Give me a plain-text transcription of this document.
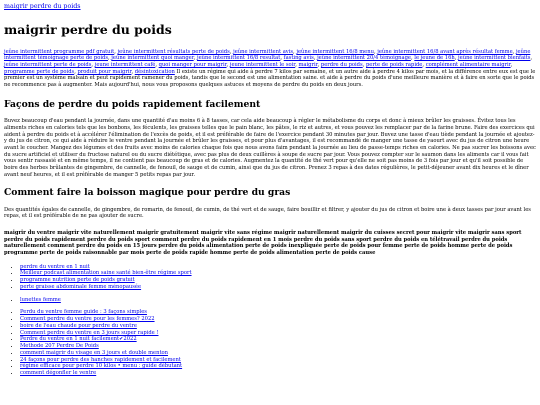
maigrir perdre du poids
maigrir perdre du poids

jeûne intermittent programme pdf gratuit, jeûne intermittent résultats perte de poids, jeûne intermittent avis, jeûne intermittent 16/8 menu, jeûne intermittent 16/8 avant après résultat femme, jeûne intermittent témoignage perte de poids, jeûne intermittent quoi manger, jeûne intermittent 16/8 resultat, fasting avis, jeûne intermittent 20/4 témoignage, le jeune de 16h, jeûne intermittent bienfaits, jeûne intermittent perte de poids, jeune intermittent café, quoi manger pour maigrir, jeune intermittent le soir, maigrir, perdre du poids, perte de poids rapide, complément alimentaire maigrir, programme perte de poids, produit pour maigrir, désintoxication Il existe un régime qui aide à perdre 7 kilos par semaine, et un autre aide à perdre 4 kilos par mois, et la différence entre eux est que le premier est un système malsain et peut rapidement ramener du poids, tandis que le second est une alimentation saine. et aide à perdre du poids d'une meilleure manière et à faire en sorte que le poids ne recommence pas à augmenter. Mais aujourd'hui, nous vous proposons quelques astuces et moyens de perdre du poids en deux jours.

Façons de perdre du poids rapidement facilement

Buvez beaucoup d'eau pendant la journée, dans une quantité d'au moins 6 à 8 tasses, car cela aide beaucoup à régler le métabolisme du corps et donc à mieux brûler les graisses. Évitez tous les aliments riches en calories tels que les bonbons, les féculents, les graisses telles que le pain blanc, les pâtes, le riz et autres, et vous pouvez les remplacer par de la farine brune. Faire des exercices qui aident à perdre du poids et à accélérer l'élimination de l'excès de poids, et il est préférable de faire de l'exercice pendant 30 minutes par jour. Buvez une tasse d'eau tiède pendant la journée et ajoutez-y du jus de citron, ce qui aide à réduire le ventre pendant la journée et brûler les graisses, et pour plus d'avantages, il est recommandé de manger une tasse de yaourt avec du jus de citron une heure avant le coucher. Mangez des légumes et des fruits avec moins de calories chaque fois que nous avons faim pendant la journée au lieu de passe-temps riches en calories. Ne pas sucrer les boissons avec du sucre artificiel et utiliser du fructose naturel ou du sucre diététique, avec pas plus de deux cuillères à soupe de sucre par jour. Vous pouvez compter sur le saumon dans les aliments car il vous fait vous sentir rassasié et en même temps, il ne contient pas beaucoup de gras et de calories. Augmentez la quantité de thé vert pour qu'elle ne soit pas moins de 3 fois par jour et qu'il soit possible de boire des herbes brûlantes de gingembre, de cannelle, de fenouil, de sauge et de cumin, ainsi que du jus de citron. Prenez 3 repas à des dates régulières, le petit-déjeuner avant dix heures et le dîner avant neuf heures, et il est préférable de manger 5 petits repas par jour.

Comment faire la boisson magique pour perdre du gras

Des quantités égales de cannelle, de gingembre, de romarin, de fenouil, de cumin, de thé vert et de sauge, faire bouillir et filtrer, y ajouter du jus de citron et boire une à deux tasses par jour avant les repas, et il est préférable de ne pas ajouter de sucre.

maigrir du ventre maigrir vite naturellement maigrir gratuitement maigrir vite sans régime maigrir naturellement maigrir du cuisses secret pour maigrir vite maigrir sans sport perdre du poids rapidement perdre du poids sport comment perdre du poids rapidement en 1 mois perdre du poids sans sport perdre du poids en télétravail perdre du poids naturellement comment perdre du poids en 15 jours perdre du poids alimentation perte de poids inexpliquée perte de poids pour femme perte de poids homme perte de poids programme perte de poids raisonnable par mois perte de poids rapide homme perte de poids alimentation perte de poids cause

• perdre du ventre en 1 nuit
• Meilleur podcast alimentation saine santé bien-être régime sport
• programme nutrition perte de poids gratuit
• perte graisse abdominale femme ménopausée
• lunettes femme
• Perdu du ventre femme guide : 3 façons simples
• Comment perdre du ventre pour les femmes? 2022
• boire de l'eau chaude pour perdre du ventre
• Comment perdre du ventre en 3 jours super rapide !
• Perdre du ventre en 1 nuit facilement✔2022
• Methode 207 Perdre De Poids
• comment maigrir du visage en 3 jours et double menton
• 24 façons pour perdre des hanches rapidement et facilement
• régime efficace pour perdre 10 kilos • menu : guide débutant
• comment dégonfler le ventre
